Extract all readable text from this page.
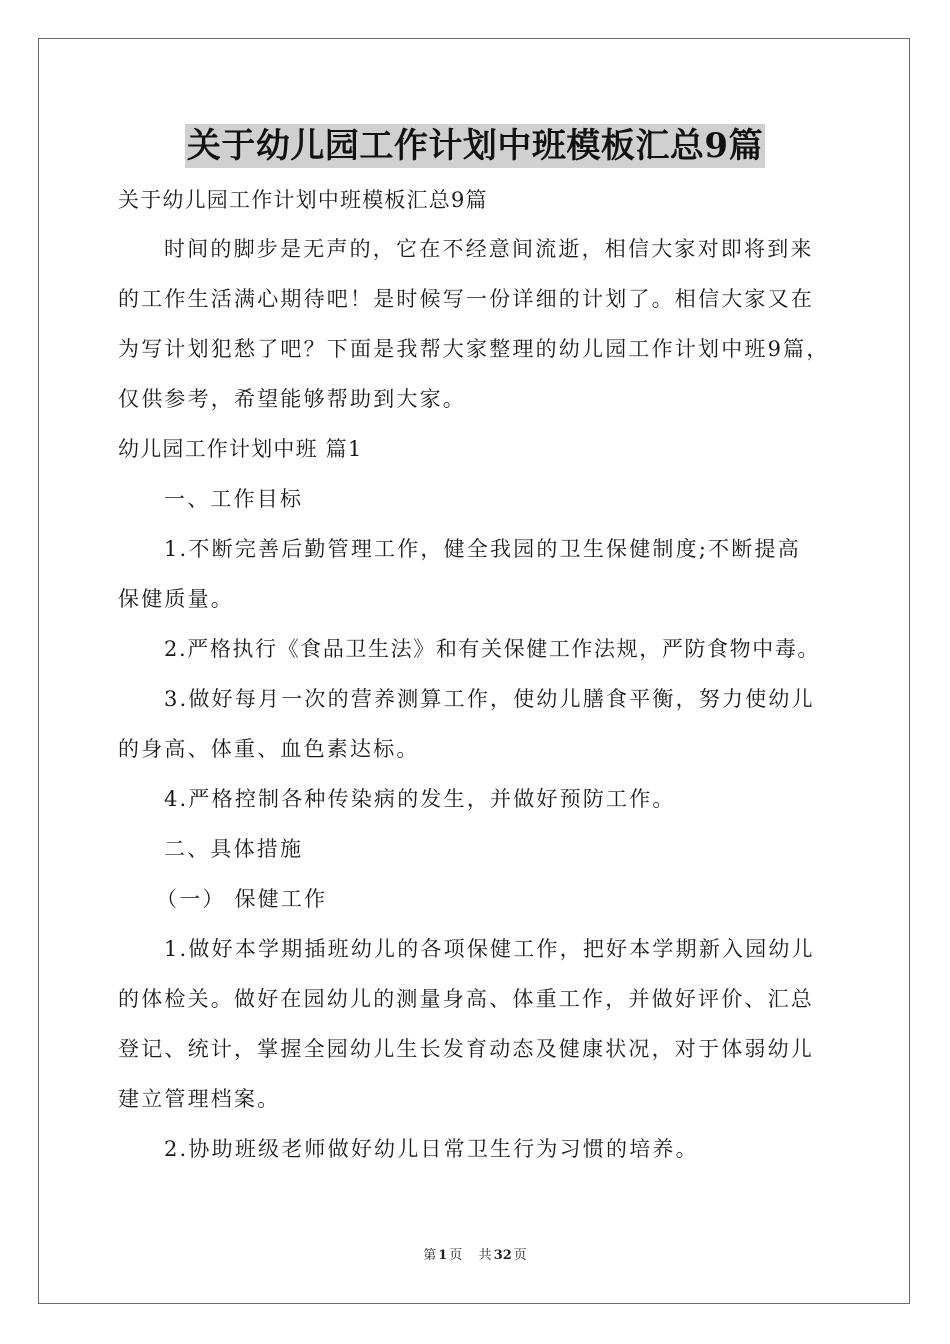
关于幼儿园工作计划中班模板汇总9篇
关于幼儿园工作计划中班模板汇总9篇
时间的脚步是无声的，它在不经意间流逝，相信大家对即将到来
的工作生活满心期待吧！是时候写一份详细的计划了。相信大家又在
为写计划犯愁了吧？下面是我帮大家整理的幼儿园工作计划中班9篇，
仅供参考，希望能够帮助到大家。
幼儿园工作计划中班 篇1
一、工作目标
1.不断完善后勤管理工作，健全我园的卫生保健制度;不断提高
保健质量。
2.严格执行《食品卫生法》和有关保健工作法规，严防食物中毒。
3.做好每月一次的营养测算工作，使幼儿膳食平衡，努力使幼儿
的身高、体重、血色素达标。
4.严格控制各种传染病的发生，并做好预防工作。
二、具体措施
（一） 保健工作
1.做好本学期插班幼儿的各项保健工作，把好本学期新入园幼儿
的体检关。做好在园幼儿的测量身高、体重工作，并做好评价、汇总
登记、统计，掌握全园幼儿生长发育动态及健康状况，对于体弱幼儿
建立管理档案。
2.协助班级老师做好幼儿日常卫生行为习惯的培养。
第 1 页 共 32 页
